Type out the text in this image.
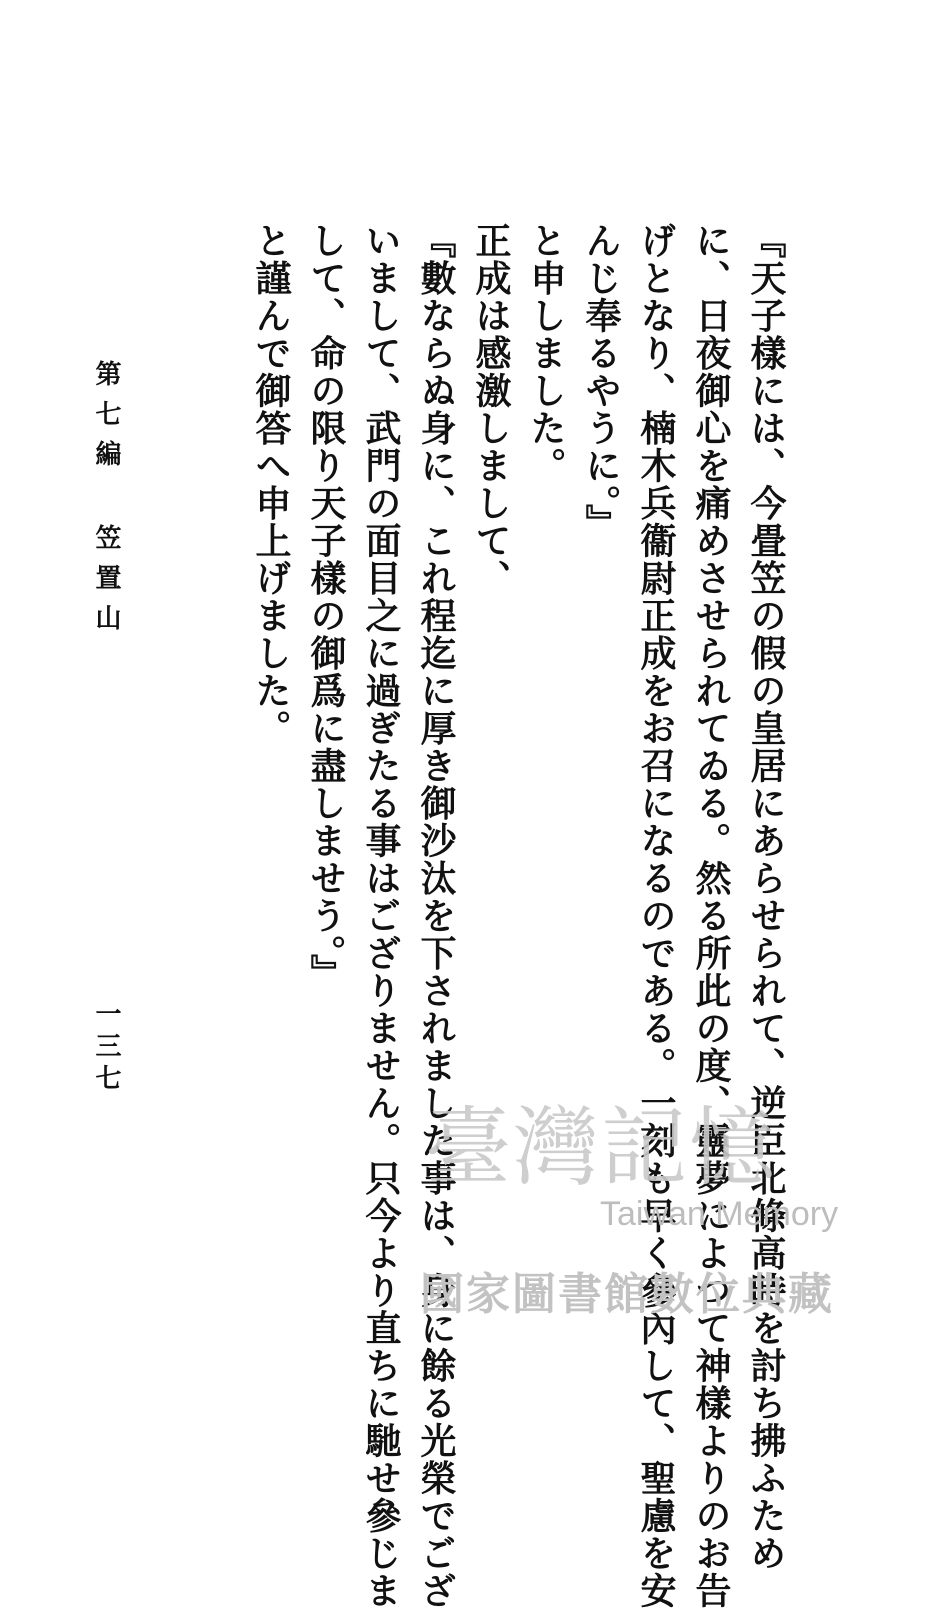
『天子樣には、今畳笠の假の皇居にあらせられて、逆臣北條高時を討ち拂ふため
に、日夜御心を痛めさせられてゐる。然る所此の度、靈夢によつて神樣よりのお告
げとなり、楠木兵衞尉正成をお召になるのである。一刻も早く參內して、聖慮を安
んじ奉るやうに。』
と申しました。
正成は感激しまして、
『數ならぬ身に、これ程迄に厚き御沙汰を下されました事は、身に餘る光榮でござ
いまして、武門の面目之に過ぎたる事はござりません。只今より直ちに馳せ參じま
して、命の限り天子樣の御爲に盡しませう。』
と謹んで御答へ申上げました。
第七編 笠置山
一三七
臺灣記憶
Taiwan Memory
國家圖書館數位典藏
